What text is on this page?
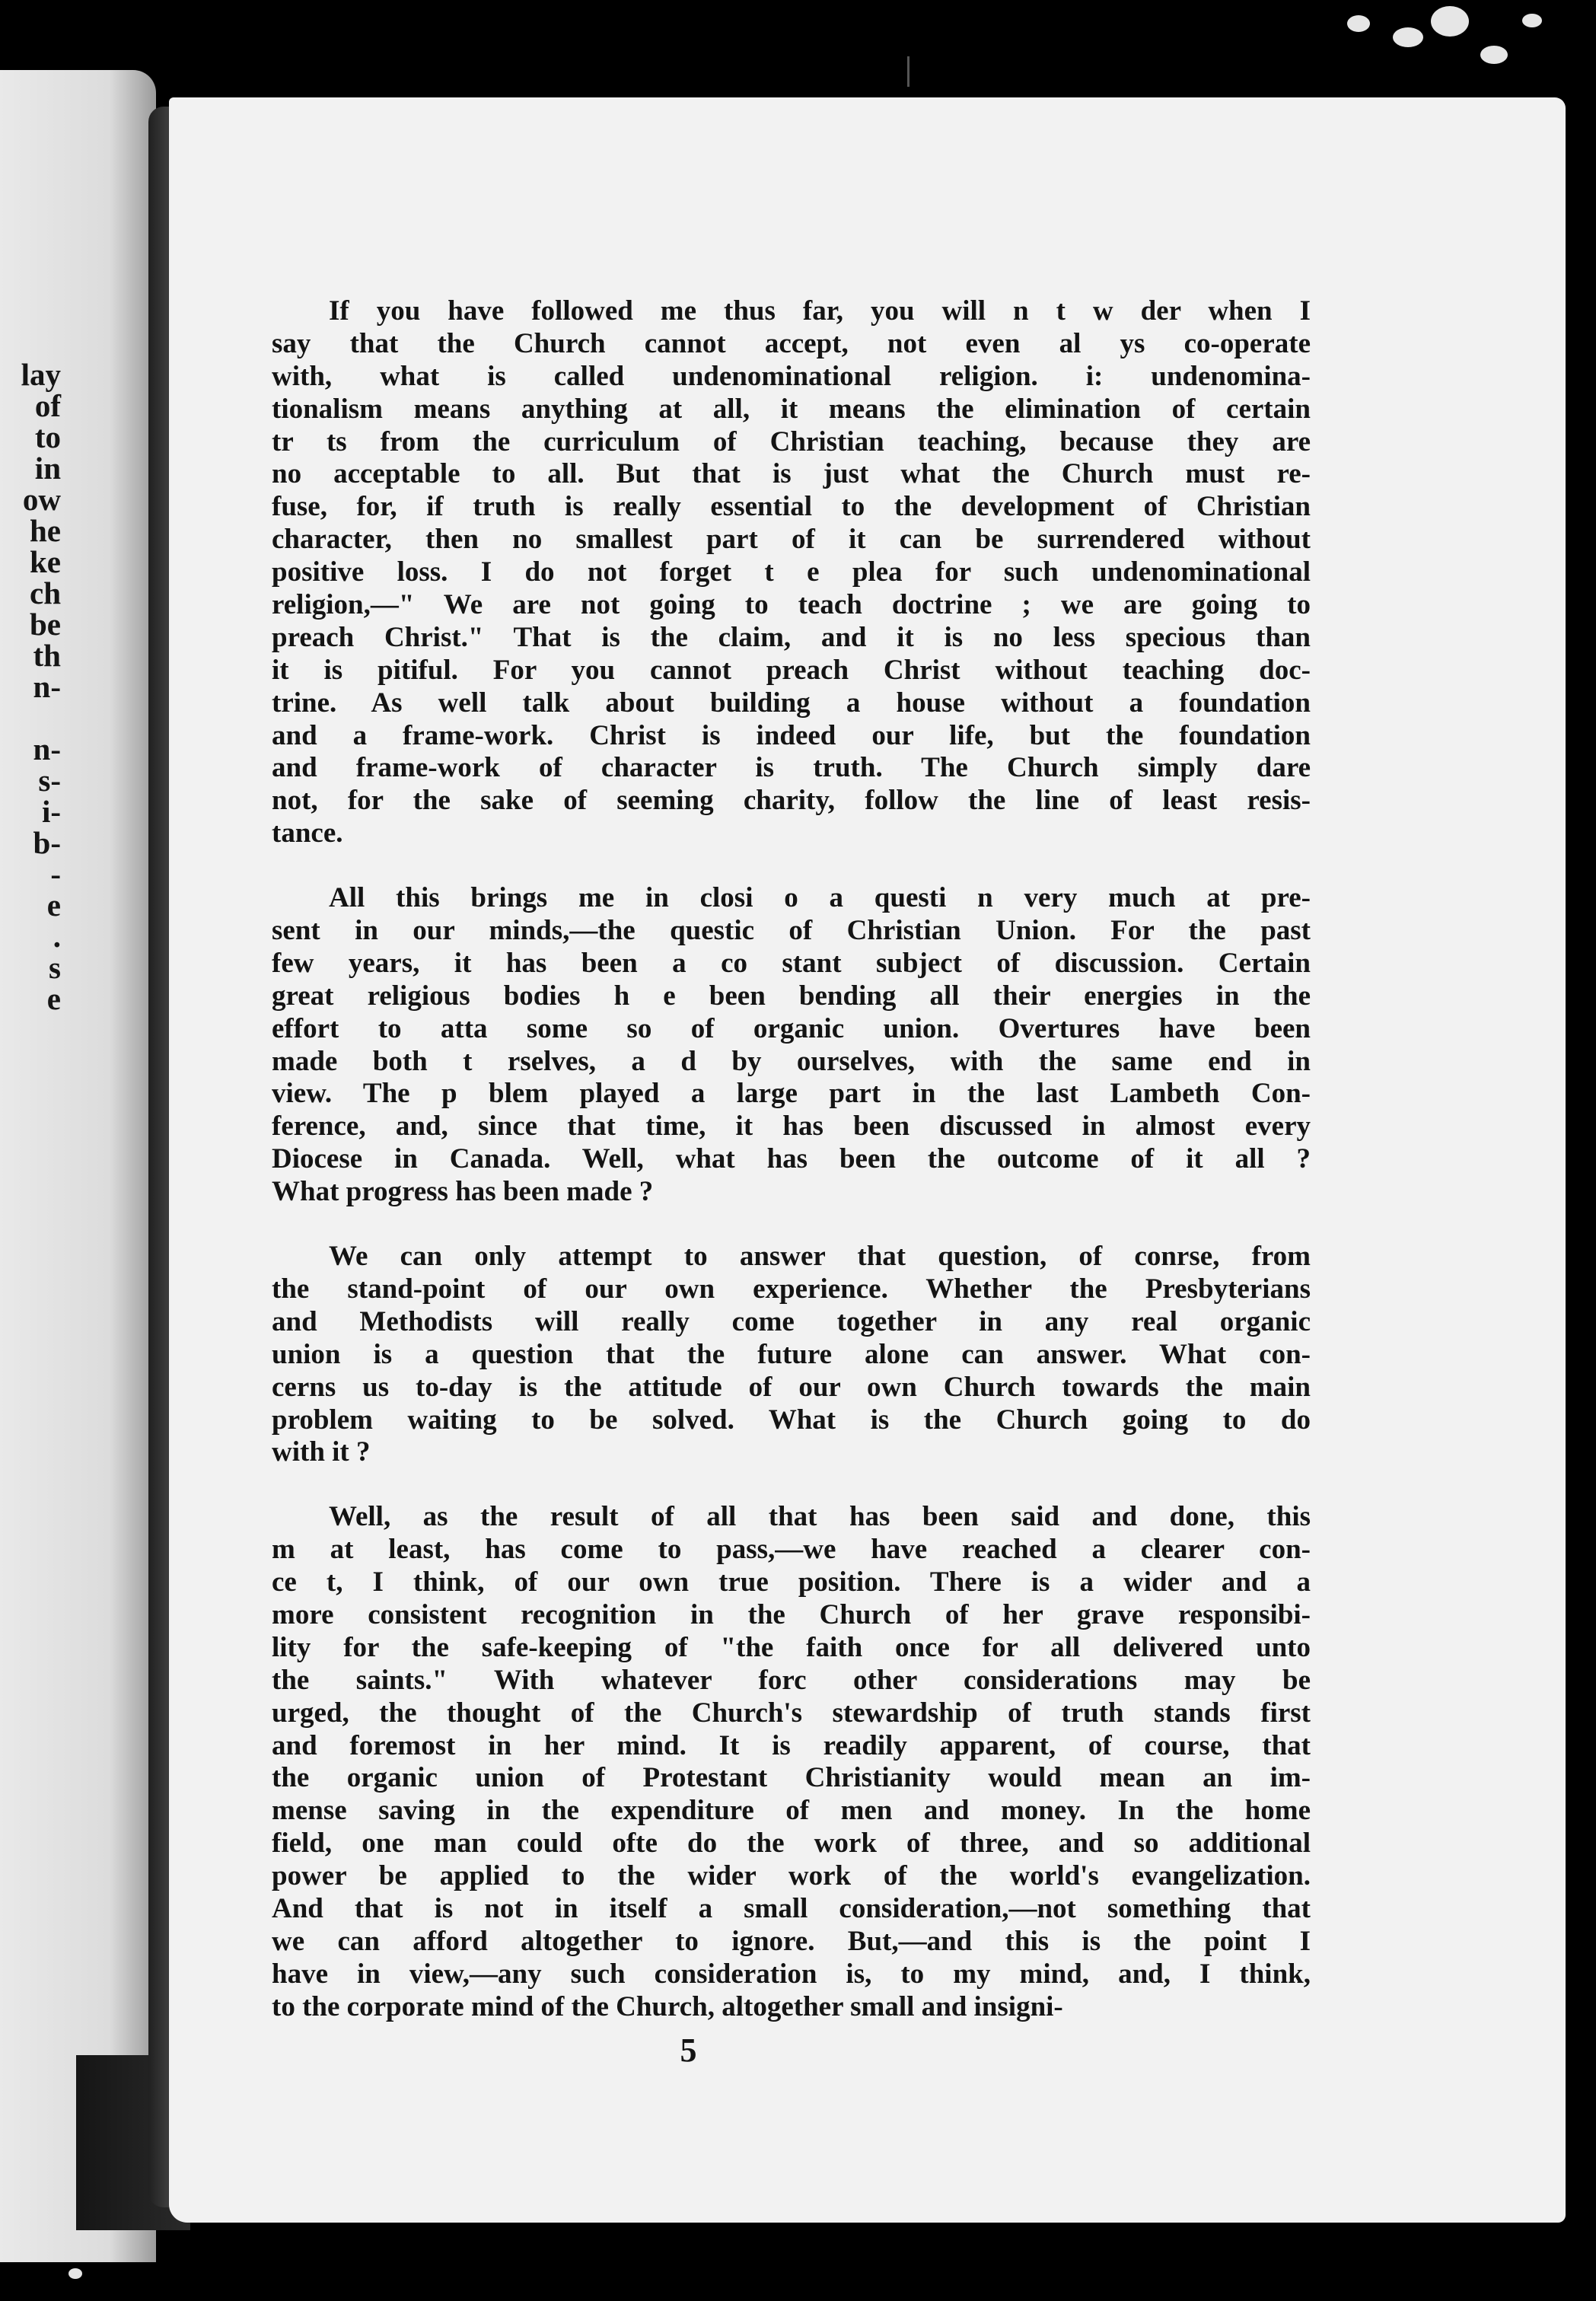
lay
of
to
in
ow
he
ke
ch
be
th
n-
n-
s-
i-
b-
-
e
.
s
e
If you have followed me thus far, you will n t w der when I
say that the Church cannot accept, not even al ys co-operate
with, what is called undenominational religion. i: undenomina-
tionalism means anything at all, it means the elimination of certain
tr ts from the curriculum of Christian teaching, because they are
no acceptable to all. But that is just what the Church must re-
fuse, for, if truth is really essential to the development of Christian
character, then no smallest part of it can be surrendered without
positive loss. I do not forget t e plea for such undenominational
religion,—" We are not going to teach doctrine ; we are going to
preach Christ." That is the claim, and it is no less specious than
it is pitiful. For you cannot preach Christ without teaching doc-
trine. As well talk about building a house without a foundation
and a frame-work. Christ is indeed our life, but the foundation
and frame-work of character is truth. The Church simply dare
not, for the sake of seeming charity, follow the line of least resis-
tance.
All this brings me in closi o a questi n very much at pre-
sent in our minds,—the questic of Christian Union. For the past
few years, it has been a co stant subject of discussion. Certain
great religious bodies h e been bending all their energies in the
effort to atta some so of organic union. Overtures have been
made both t rselves, a d by ourselves, with the same end in
view. The p blem played a large part in the last Lambeth Con-
ference, and, since that time, it has been discussed in almost every
Diocese in Canada. Well, what has been the outcome of it all ?
What progress has been made ?
We can only attempt to answer that question, of conrse, from
the stand-point of our own experience. Whether the Presbyterians
and Methodists will really come together in any real organic
union is a question that the future alone can answer. What con-
cerns us to-day is the attitude of our own Church towards the main
problem waiting to be solved. What is the Church going to do
with it ?
Well, as the result of all that has been said and done, this
m at least, has come to pass,—we have reached a clearer con-
ce t, I think, of our own true position. There is a wider and a
more consistent recognition in the Church of her grave responsibi-
lity for the safe-keeping of "the faith once for all delivered unto
the saints." With whatever forc other considerations may be
urged, the thought of the Church's stewardship of truth stands first
and foremost in her mind. It is readily apparent, of course, that
the organic union of Protestant Christianity would mean an im-
mense saving in the expenditure of men and money. In the home
field, one man could ofte do the work of three, and so additional
power be applied to the wider work of the world's evangelization.
And that is not in itself a small consideration,—not something that
we can afford altogether to ignore. But,—and this is the point I
have in view,—any such consideration is, to my mind, and, I think,
to the corporate mind of the Church, altogether small and insigni-
5
